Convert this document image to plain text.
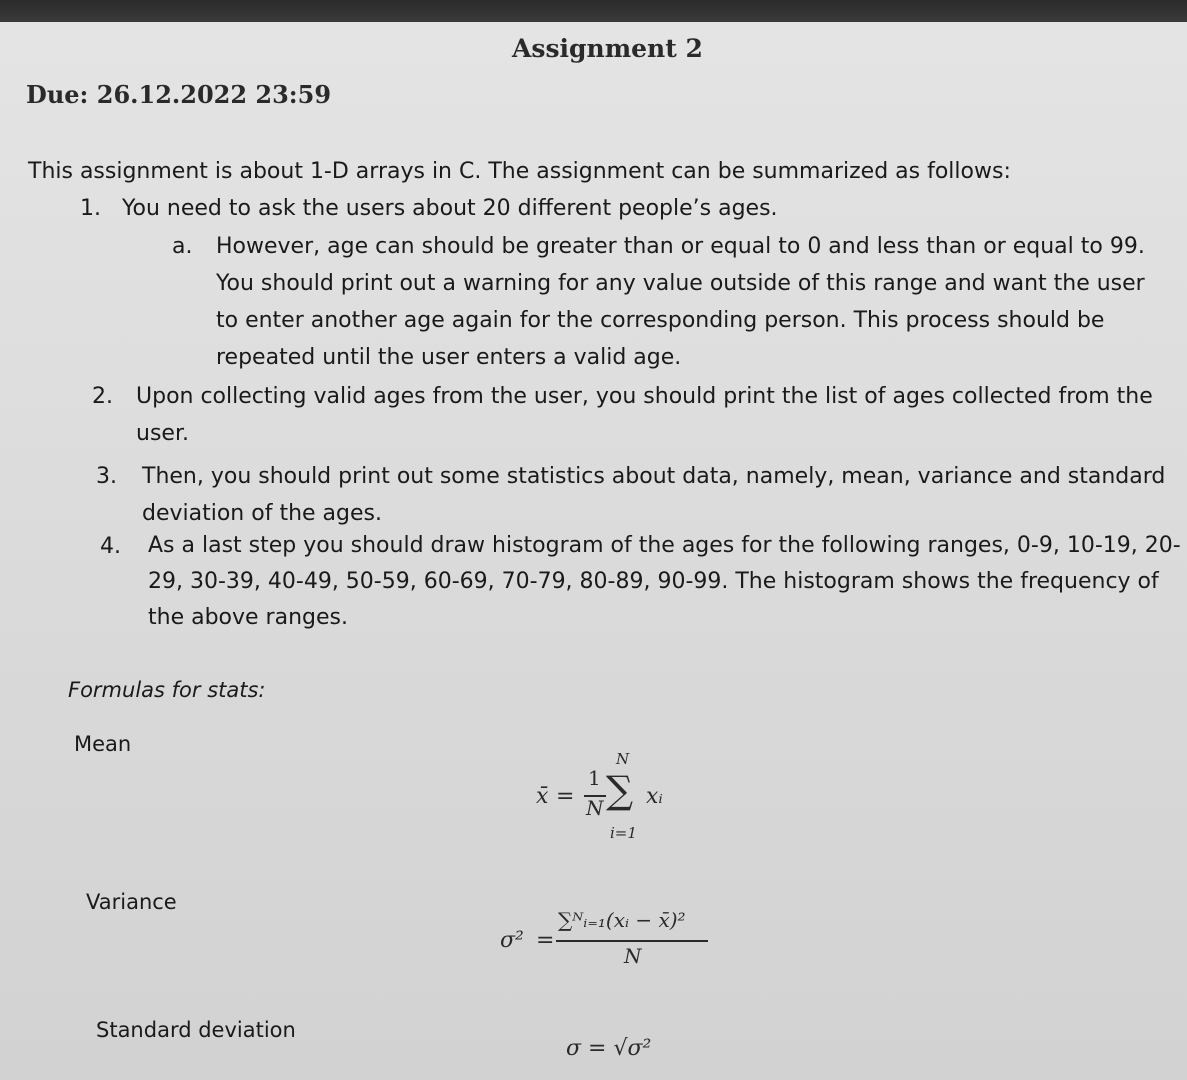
Assignment 2
Due: 26.12.2022 23:59
This assignment is about 1-D arrays in C. The assignment can be summarized as follows:
1. You need to ask the users about 20 different people’s ages.
a. However, age can should be greater than or equal to 0 and less than or equal to 99.
You should print out a warning for any value outside of this range and want the user
to enter another age again for the corresponding person. This process should be
repeated until the user enters a valid age.
2. Upon collecting valid ages from the user, you should print the list of ages collected from the
user.
3. Then, you should print out some statistics about data, namely, mean, variance and standard
deviation of the ages.
4. As a last step you should draw histogram of the ages for the following ranges, 0-9, 10-19, 20-
29, 30-39, 40-49, 50-59, 60-69, 70-79, 80-89, 90-99. The histogram shows the frequency of
the above ranges.
Formulas for stats:
Mean
x̄ =
1
N
N
∑
i=1
xᵢ
Variance
σ² =
∑ᴺᵢ₌₁(xᵢ − x̄)²
N
Standard deviation
σ = √σ²
